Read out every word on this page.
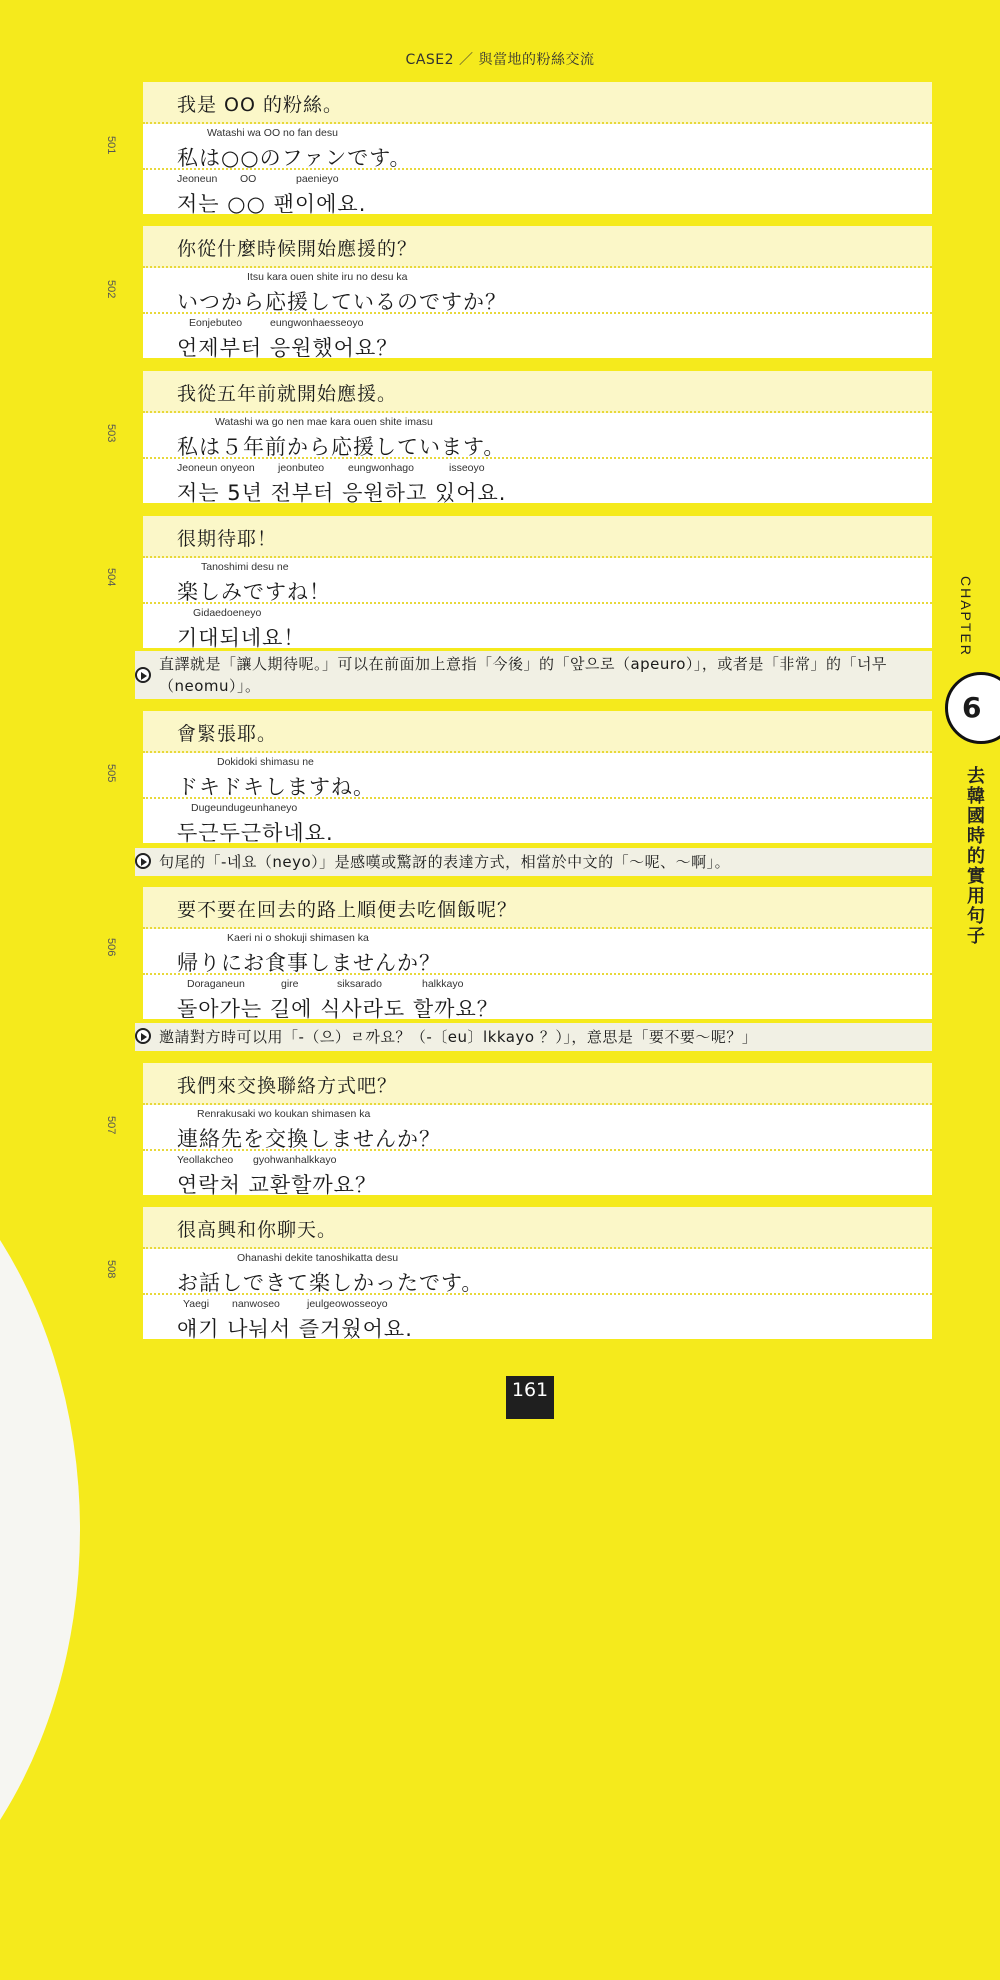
CASE2 ／ 與當地的粉絲交流
501
我是 OO 的粉絲。
Watashi wa OO no fan desu
私は○○のファンです。
Jeoneun OO	paenieyo
저는 ○○ 팬이에요.
502
你從什麼時候開始應援的？
Itsu kara ouen shite iru no desu ka
いつから応援しているのですか？
Eonjebuteo	eungwonhaesseoyo
언제부터 응원했어요？
503
我從五年前就開始應援。
Watashi wa go nen mae kara ouen shite imasu
私は５年前から応援しています。
Jeoneun onyeon jeonbuteo eungwonhago	isseoyo
저는 5년 전부터 응원하고 있어요.
504
很期待耶！
Tanoshimi desu ne
楽しみですね！
Gidaedoeneyo
기대되네요！
直譯就是「讓人期待呢。」可以在前面加上意指「今後」的「앞으로（apeuro）」，或者是「非常」的「너무（neomu）」。
505
會緊張耶。
Dokidoki shimasu ne
ドキドキしますね。
Dugeundugeunhaneyo
두근두근하네요.
句尾的「-네요（neyo）」是感嘆或驚訝的表達方式，相當於中文的「～呢、～啊」。
506
要不要在回去的路上順便去吃個飯呢？
Kaeri ni o shokuji shimasen ka
帰りにお食事しませんか？
Doraganeun	gire	siksarado	halkkayo
돌아가는 길에 식사라도 할까요？
邀請對方時可以用「-（으）ㄹ까요？（-〔eu〕lkkayo ？）」，意思是「要不要～呢？」
507
我們來交換聯絡方式吧？
Renrakusaki wo koukan shimasen ka
連絡先を交換しませんか？
Yeollakcheo gyohwanhalkkayo
연락처 교환할까요？
508
很高興和你聊天。
Ohanashi dekite tanoshikatta desu
お話しできて楽しかったです。
Yaegi nanwoseo	jeulgeowosseoyo
얘기 나눠서 즐거웠어요.
CHAPTER
6
去韓國時的實用句子
161
